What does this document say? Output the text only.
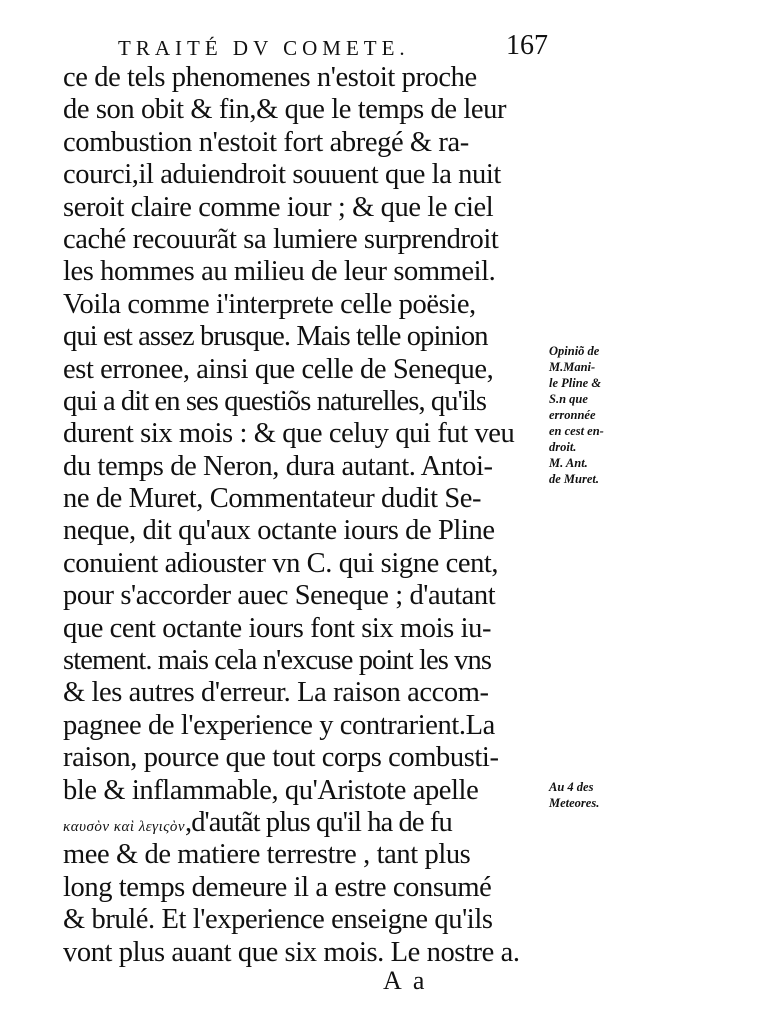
TRAITÉ DV COMETE.	167
ce de tels phenomenes n'estoit proche
de son obit & fin,& que le temps de leur
combustion n'estoit fort abregé & ra-
courci,il aduiendroit souuent que la nuit
seroit claire comme iour ; & que le ciel
caché recouurãt sa lumiere surprendroit
les hommes au milieu de leur sommeil.
Voila comme i'interprete celle poësie,
qui est assez brusque. Mais telle opinion
est erronee, ainsi que celle de Seneque,
qui a dit en ses questiõs naturelles, qu'ils
durent six mois : & que celuy qui fut veu
du temps de Neron, dura autant. Antoi-
ne de Muret, Commentateur dudit Se-
neque, dit qu'aux octante iours de Pline
conuient adiouster vn C. qui signe cent,
pour s'accorder auec Seneque ; d'autant
que cent octante iours font six mois iu-
stement. mais cela n'excuse point les vns
& les autres d'erreur. La raison accom-
pagnee de l'experience y contrarient.La
raison, pource que tout corps combusti-
ble & inflammable, qu'Aristote apelle
καυσὸν καὶ λεγιςὸν,d'autãt plus qu'il ha de fu
mee & de matiere terrestre , tant plus
long temps demeure il a estre consumé
& brulé. Et l'experience enseigne qu'ils
vont plus auant que six mois. Le nostre a.
Opiniõ de
M.Mani-
le Pline &
S.n que
erronnée
en cest en-
droit.
M. Ant.
de Muret.
Au 4 des
Meteores.
A a
